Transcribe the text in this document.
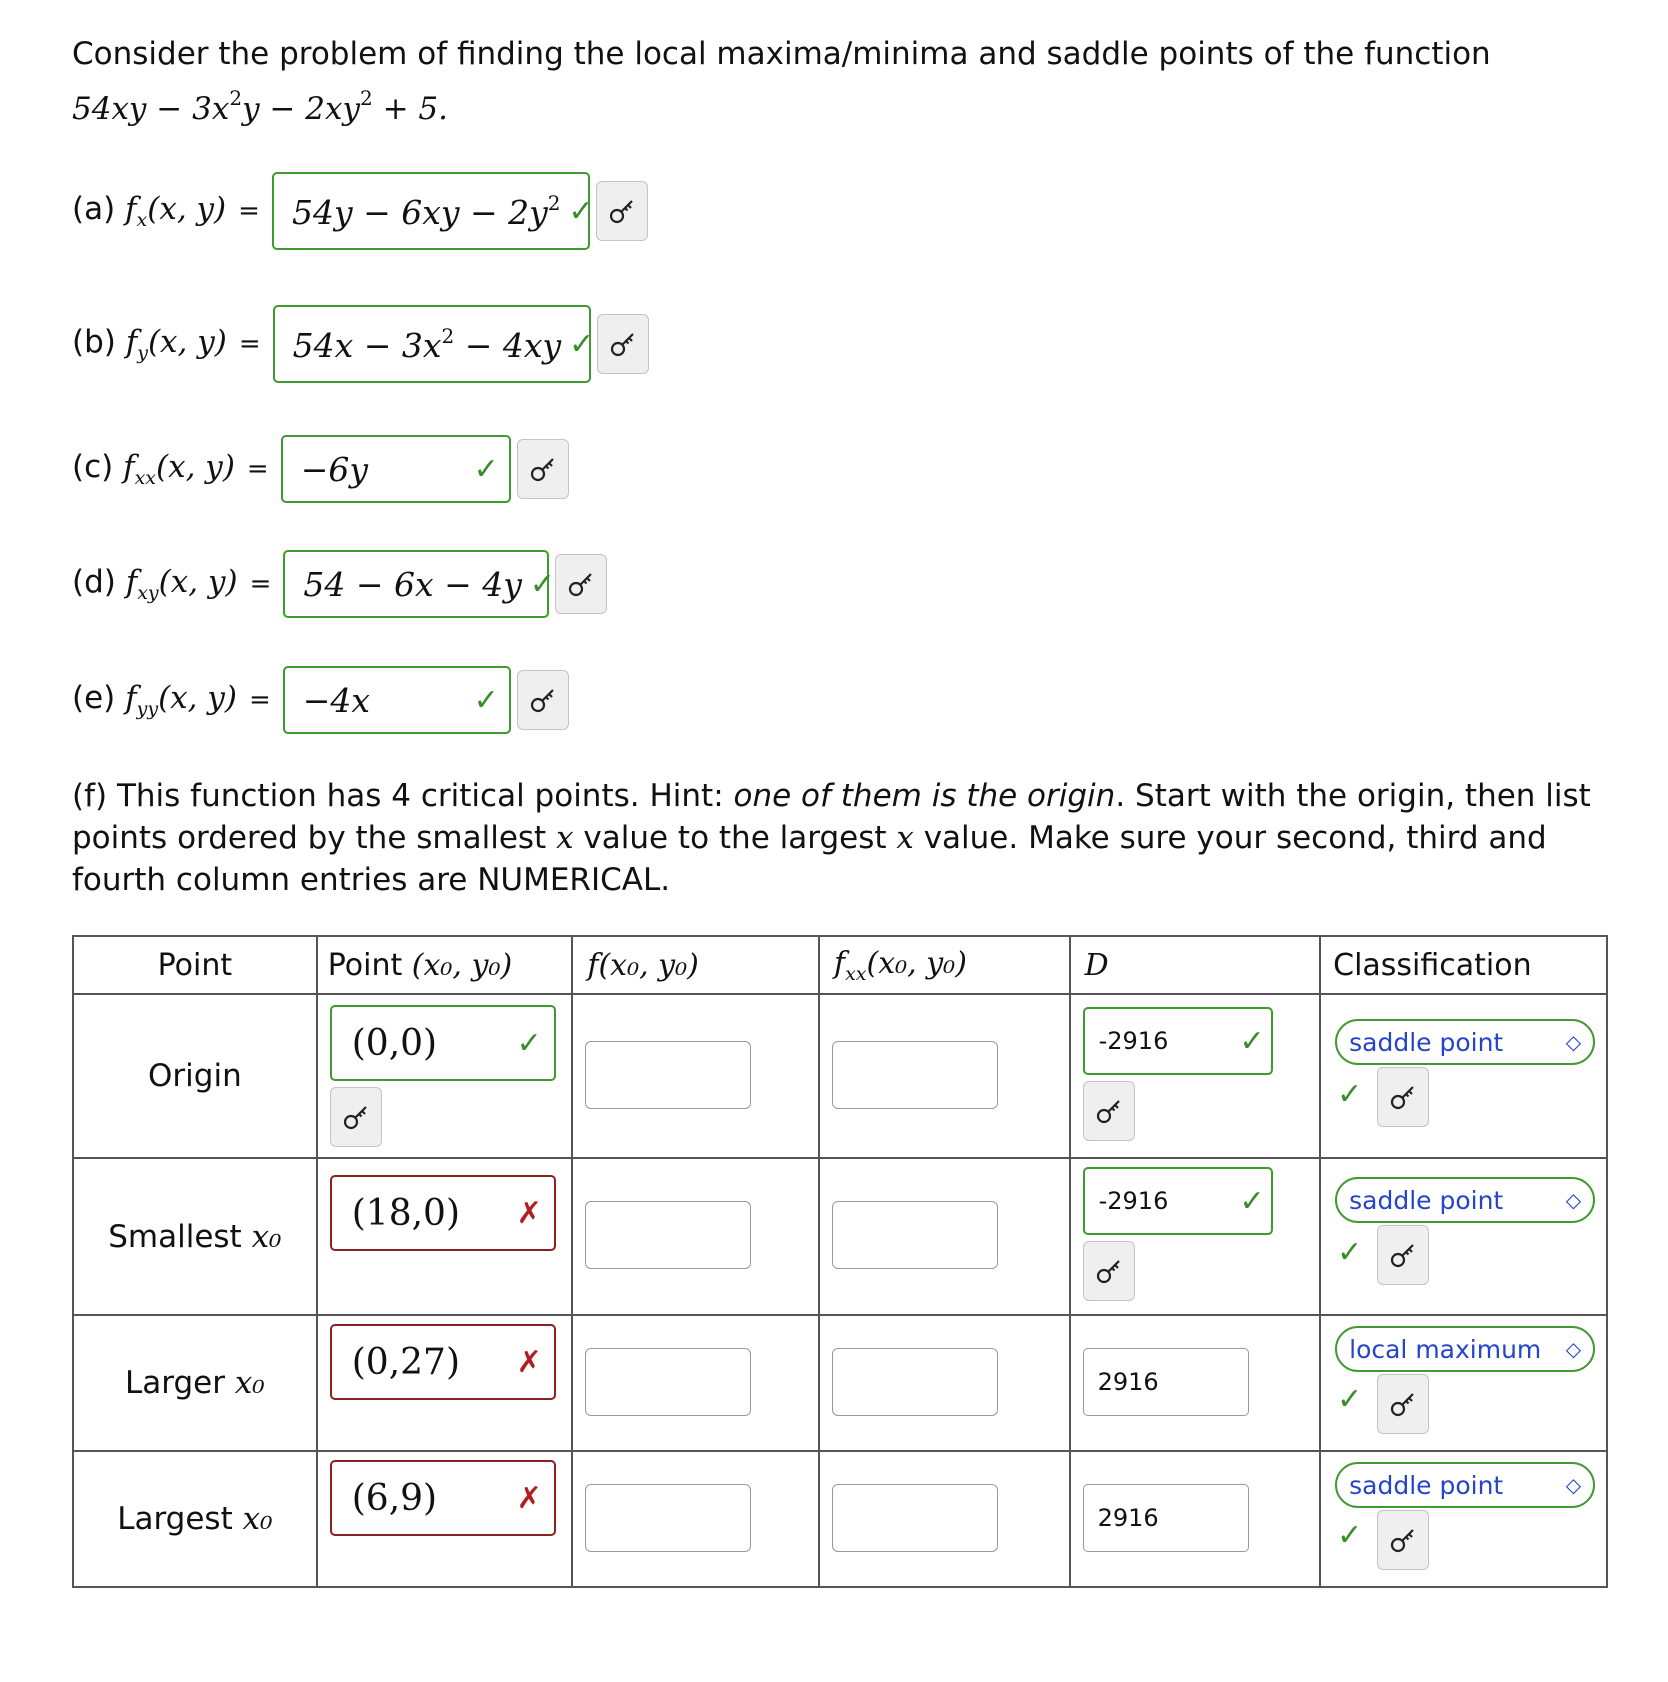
Consider the problem of finding the local maxima/minima and saddle points of the function
$54xy - 3x^2y - 2xy^2 + 5$.
(a) $f_x(x$, $y) = 54y - 6xy - 2y^2$ ✓
(b) $f_y(x$, $y) = 54x - 3x^2 - 4xy$ ✓
(c) $f_{xx}(x$, y) = −6y	✓
(d) $f_{xy}(x$, y) = 54 − 6x − 4y ✓
(e) $f_{yy}(x$, y) = −4x	✓
(f) This function has 4 critical points. Hint: one of them is the origin. Start with the origin, then list points ordered by the smallest x value to the largest x value. Make sure your second, third and fourth column entries are NUMERICAL.
Point	Point (x₀, y₀)	f(x₀, y₀)	$f_{xx}(x_0$, y₀)	D	Classification
Origin	(0,0) ✓			-2916 ✓	saddle point ◇
✓

Smallest x₀	(18,0) ✗			-2916 ✓	saddle point ◇
✓

Larger x₀	(0,27) ✗			2916	local maximum ◇
✓

Largest x₀	(6,9) ✗			2916	saddle point ◇
✓
